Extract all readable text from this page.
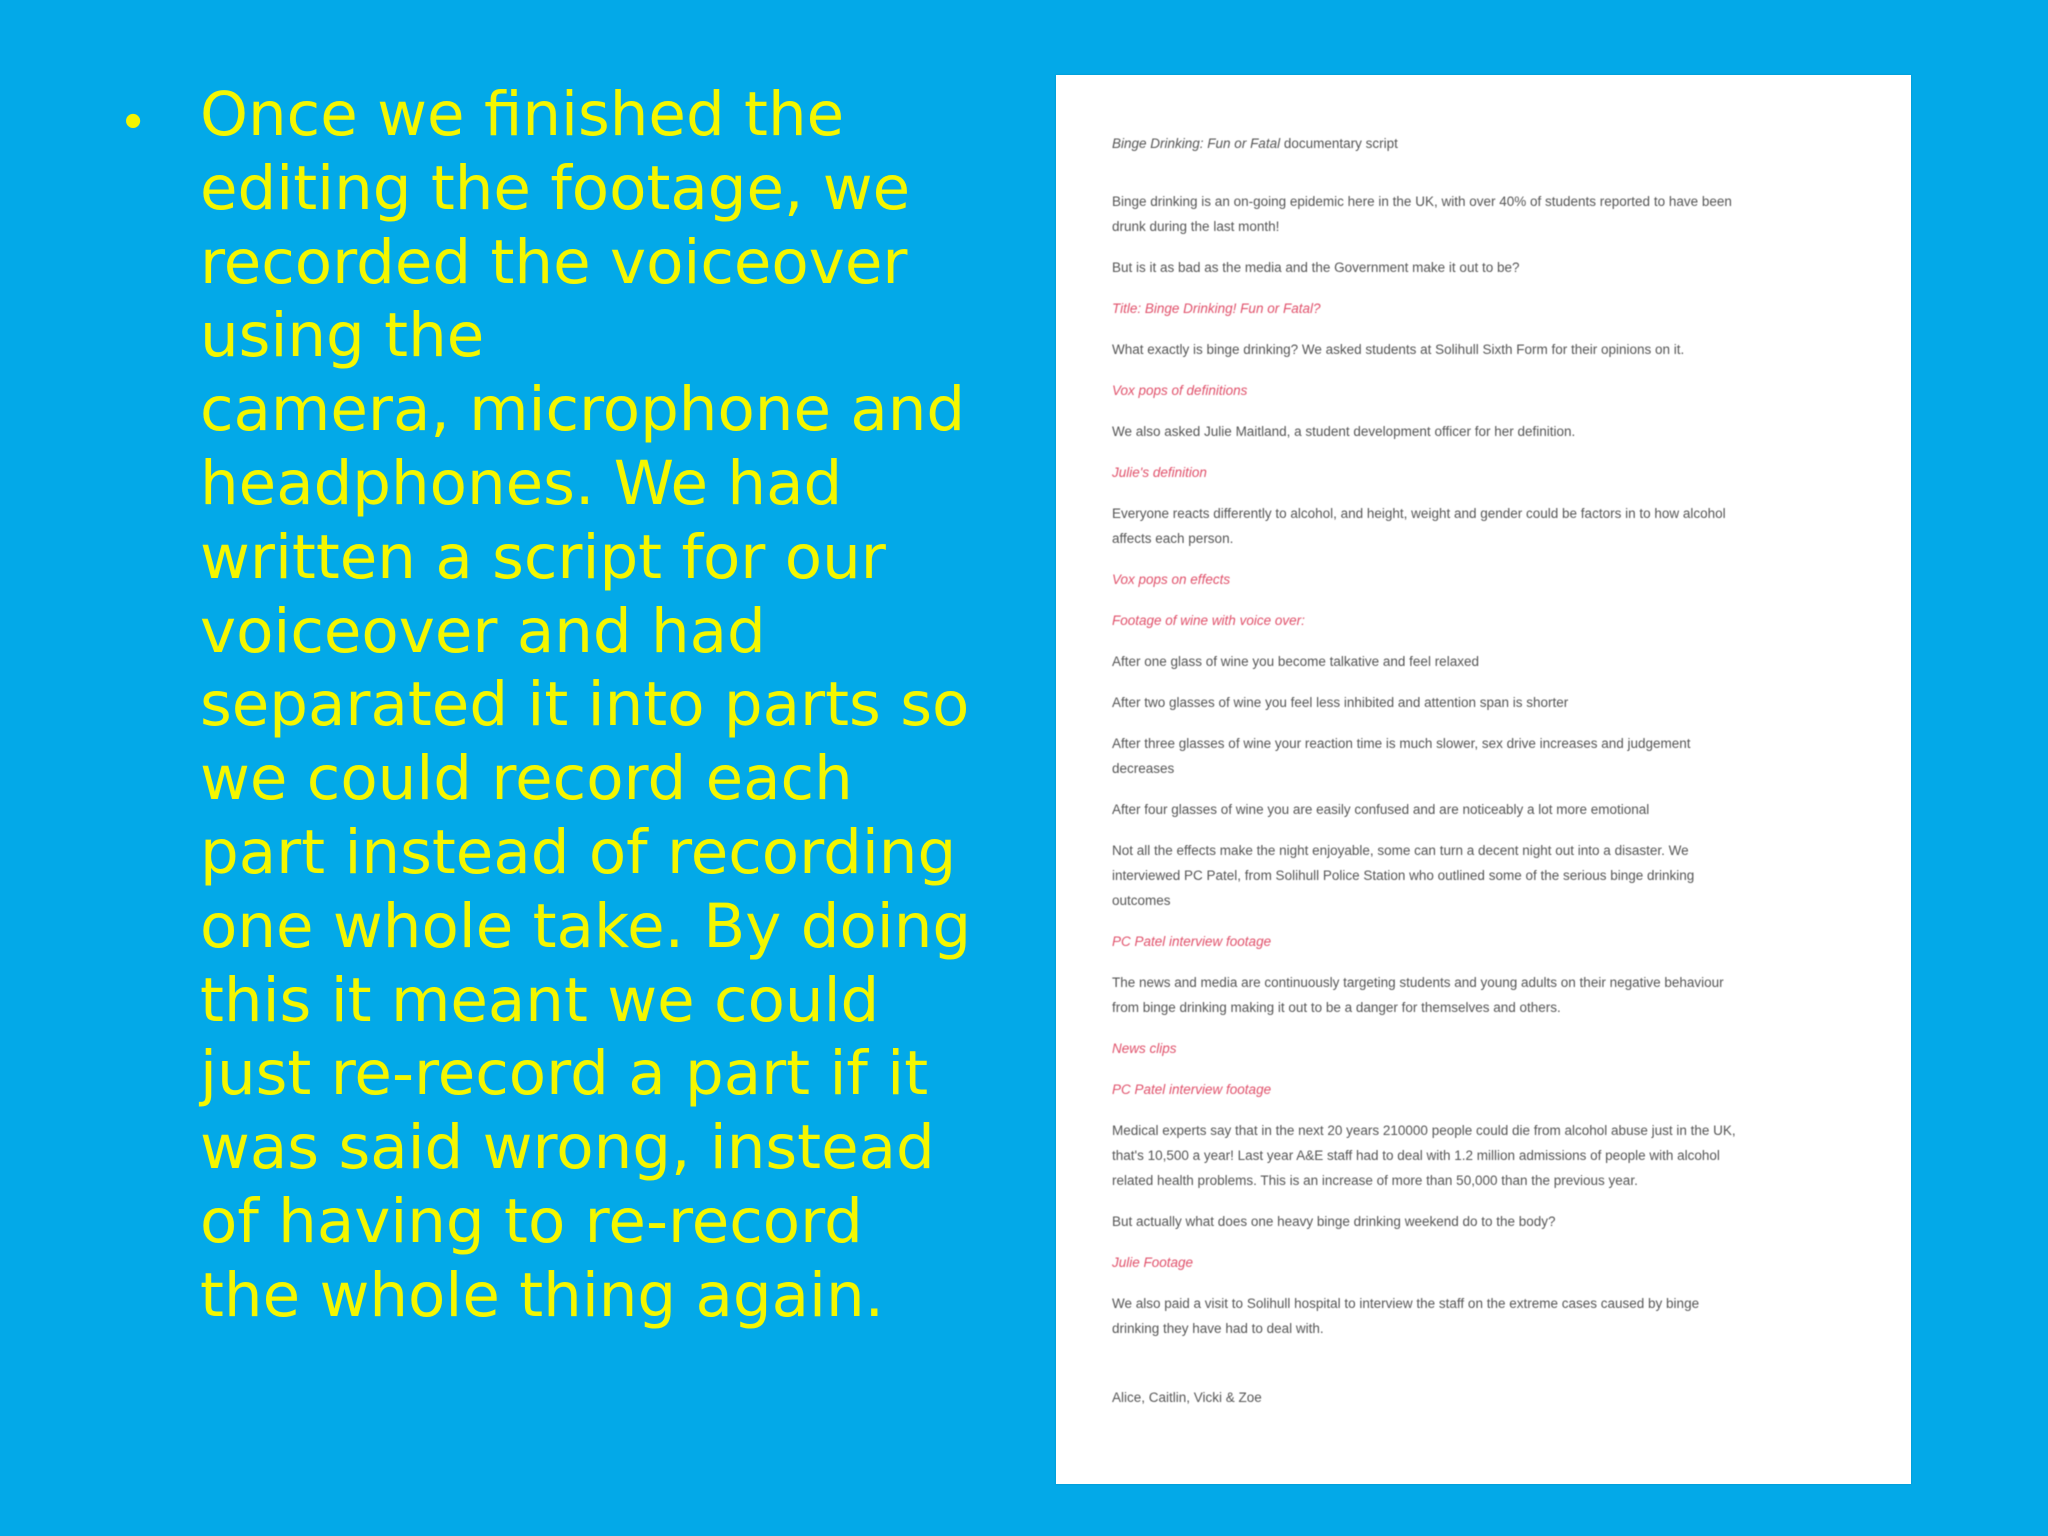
• Once we finished the
editing the footage, we
recorded the voiceover
using the
camera, microphone and
headphones. We had
written a script for our
voiceover and had
separated it into parts so
we could record each
part instead of recording
one whole take. By doing
this it meant we could
just re-record a part if it
was said wrong, instead
of having to re-record
the whole thing again.

Binge Drinking: Fun or Fatal documentary script

Binge drinking is an on-going epidemic here in the UK, with over 40% of students reported to have been
drunk during the last month!

But is it as bad as the media and the Government make it out to be?

Title: Binge Drinking! Fun or Fatal?

What exactly is binge drinking? We asked students at Solihull Sixth Form for their opinions on it.

Vox pops of definitions

We also asked Julie Maitland, a student development officer for her definition.

Julie's definition

Everyone reacts differently to alcohol, and height, weight and gender could be factors in to how alcohol
affects each person.

Vox pops on effects

Footage of wine with voice over:

After one glass of wine you become talkative and feel relaxed

After two glasses of wine you feel less inhibited and attention span is shorter

After three glasses of wine your reaction time is much slower, sex drive increases and judgement
decreases

After four glasses of wine you are easily confused and are noticeably a lot more emotional

Not all the effects make the night enjoyable, some can turn a decent night out into a disaster. We
interviewed PC Patel, from Solihull Police Station who outlined some of the serious binge drinking
outcomes

PC Patel interview footage

The news and media are continuously targeting students and young adults on their negative behaviour
from binge drinking making it out to be a danger for themselves and others.

News clips

PC Patel interview footage

Medical experts say that in the next 20 years 210000 people could die from alcohol abuse just in the UK,
that's 10,500 a year! Last year A&E staff had to deal with 1.2 million admissions of people with alcohol
related health problems. This is an increase of more than 50,000 than the previous year.

But actually what does one heavy binge drinking weekend do to the body?

Julie Footage

We also paid a visit to Solihull hospital to interview the staff on the extreme cases caused by binge
drinking they have had to deal with.

Alice, Caitlin, Vicki & Zoe
